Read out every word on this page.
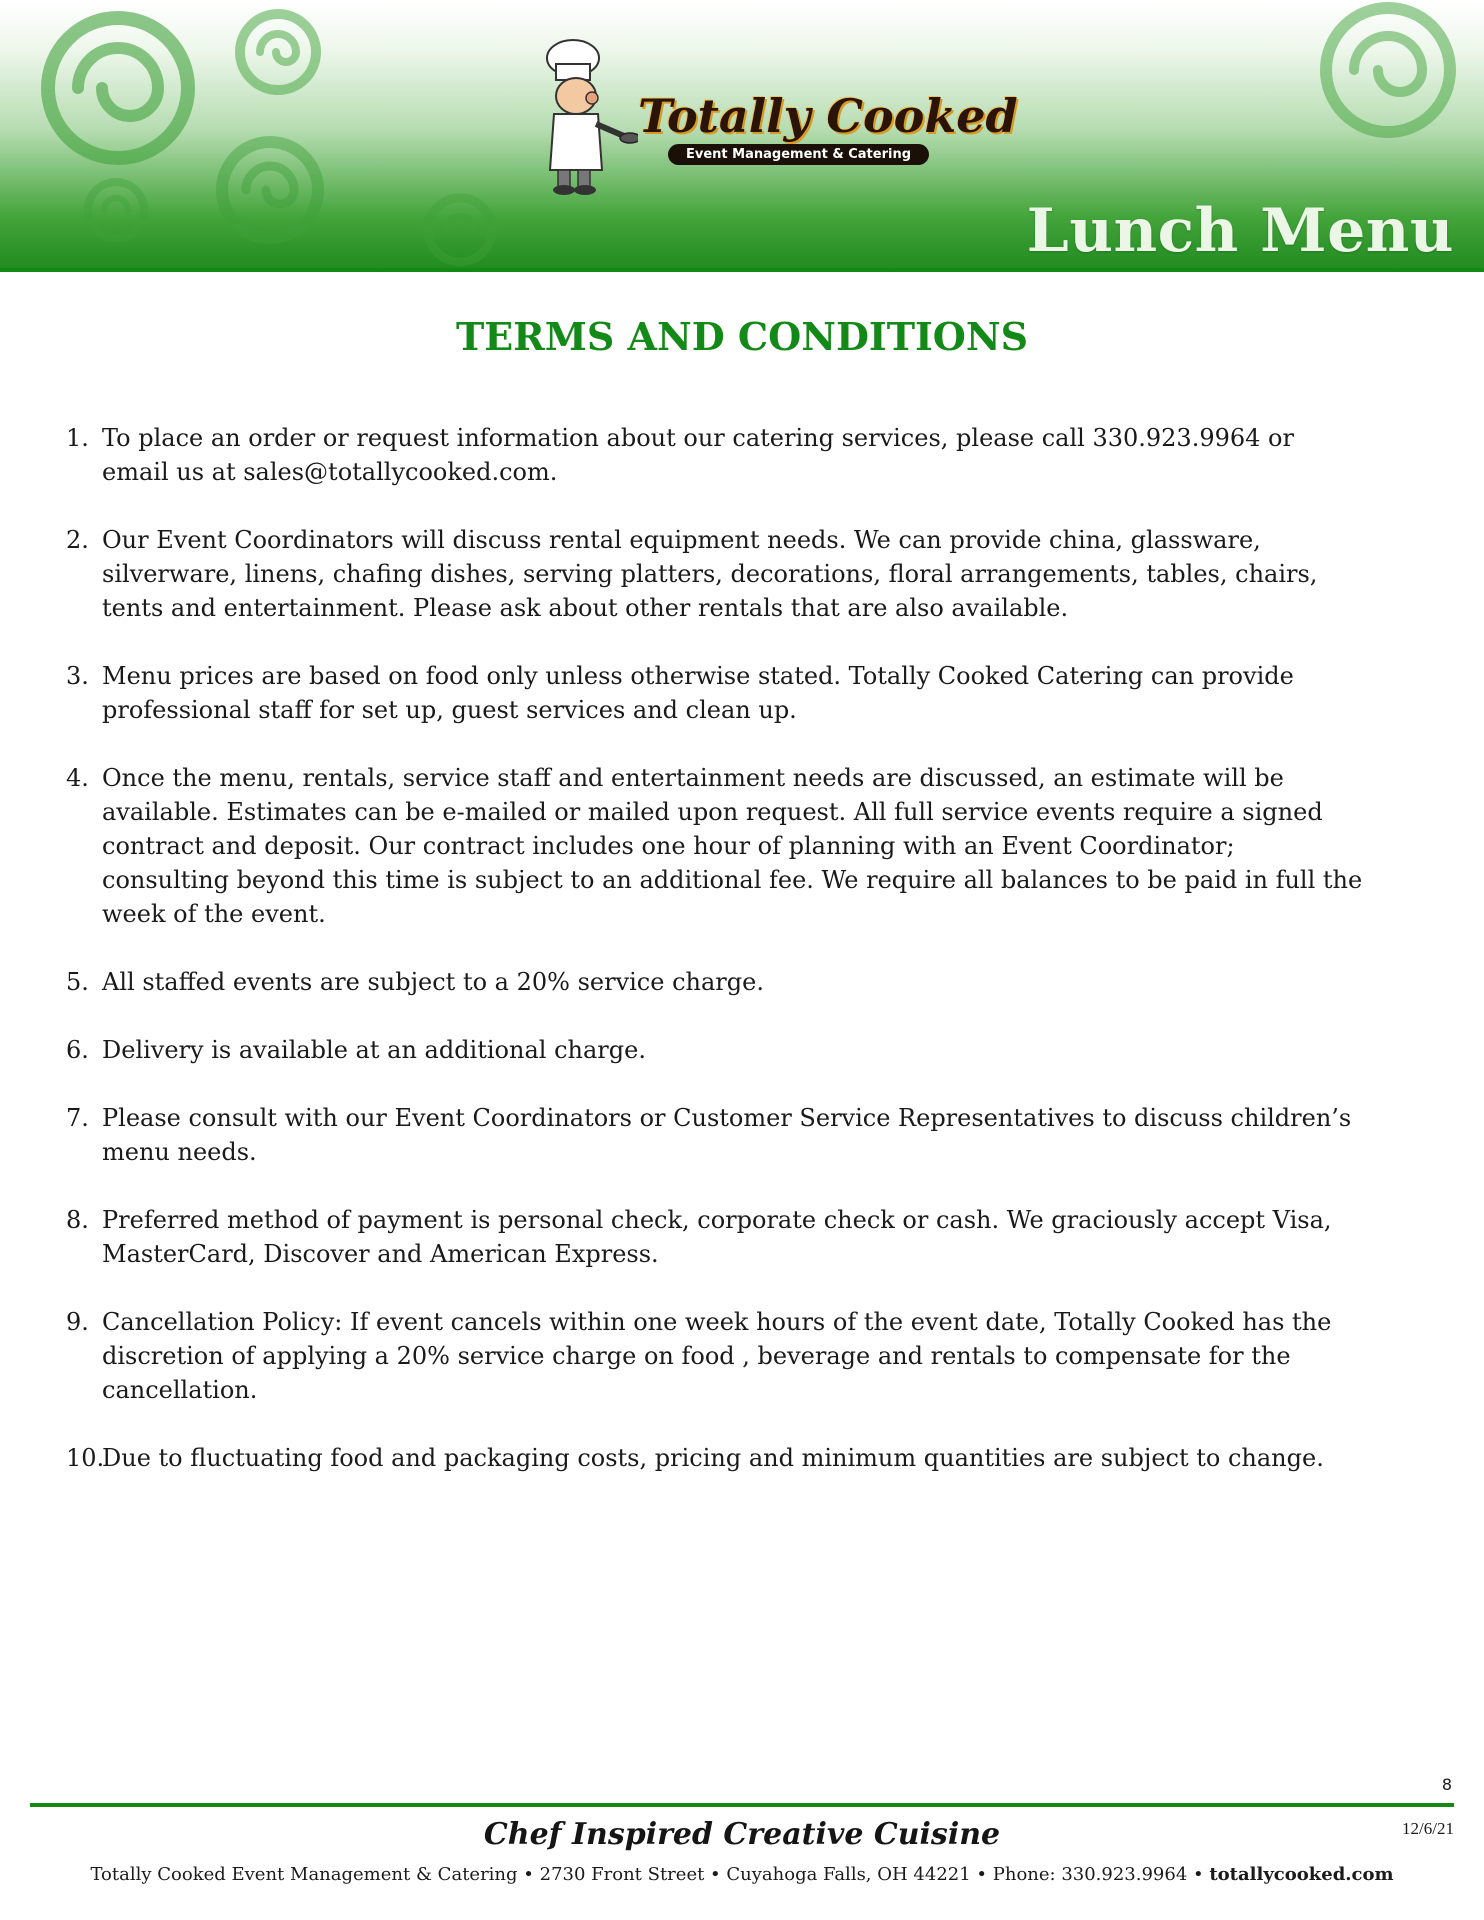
Totally Cooked
Event Management & Catering
Lunch Menu
TERMS AND CONDITIONS
1. To place an order or request information about our catering services, please call 330.923.9964 or email us at sales@totallycooked.com.
2. Our Event Coordinators will discuss rental equipment needs. We can provide china, glassware, silverware, linens, chafing dishes, serving platters, decorations, floral arrangements, tables, chairs, tents and entertainment. Please ask about other rentals that are also available.
3. Menu prices are based on food only unless otherwise stated. Totally Cooked Catering can provide professional staff for set up, guest services and clean up.
4. Once the menu, rentals, service staff and entertainment needs are discussed, an estimate will be available. Estimates can be e-mailed or mailed upon request. All full service events require a signed contract and deposit. Our contract includes one hour of planning with an Event Coordinator; consulting beyond this time is subject to an additional fee. We require all balances to be paid in full the week of the event.
5. All staffed events are subject to a 20% service charge.
6. Delivery is available at an additional charge.
7. Please consult with our Event Coordinators or Customer Service Representatives to discuss children’s menu needs.
8. Preferred method of payment is personal check, corporate check or cash. We graciously accept Visa, MasterCard, Discover and American Express.
9. Cancellation Policy: If event cancels within one week hours of the event date, Totally Cooked has the discretion of applying a 20% service charge on food , beverage and rentals to compensate for the cancellation.
10.
Due to fluctuating food and packaging costs, pricing and minimum quantities are subject to change.
8
Chef Inspired Creative Cuisine	12/6/21
Totally Cooked Event Management & Catering • 2730 Front Street • Cuyahoga Falls, OH 44221 • Phone: 330.923.9964 • totallycooked.com
